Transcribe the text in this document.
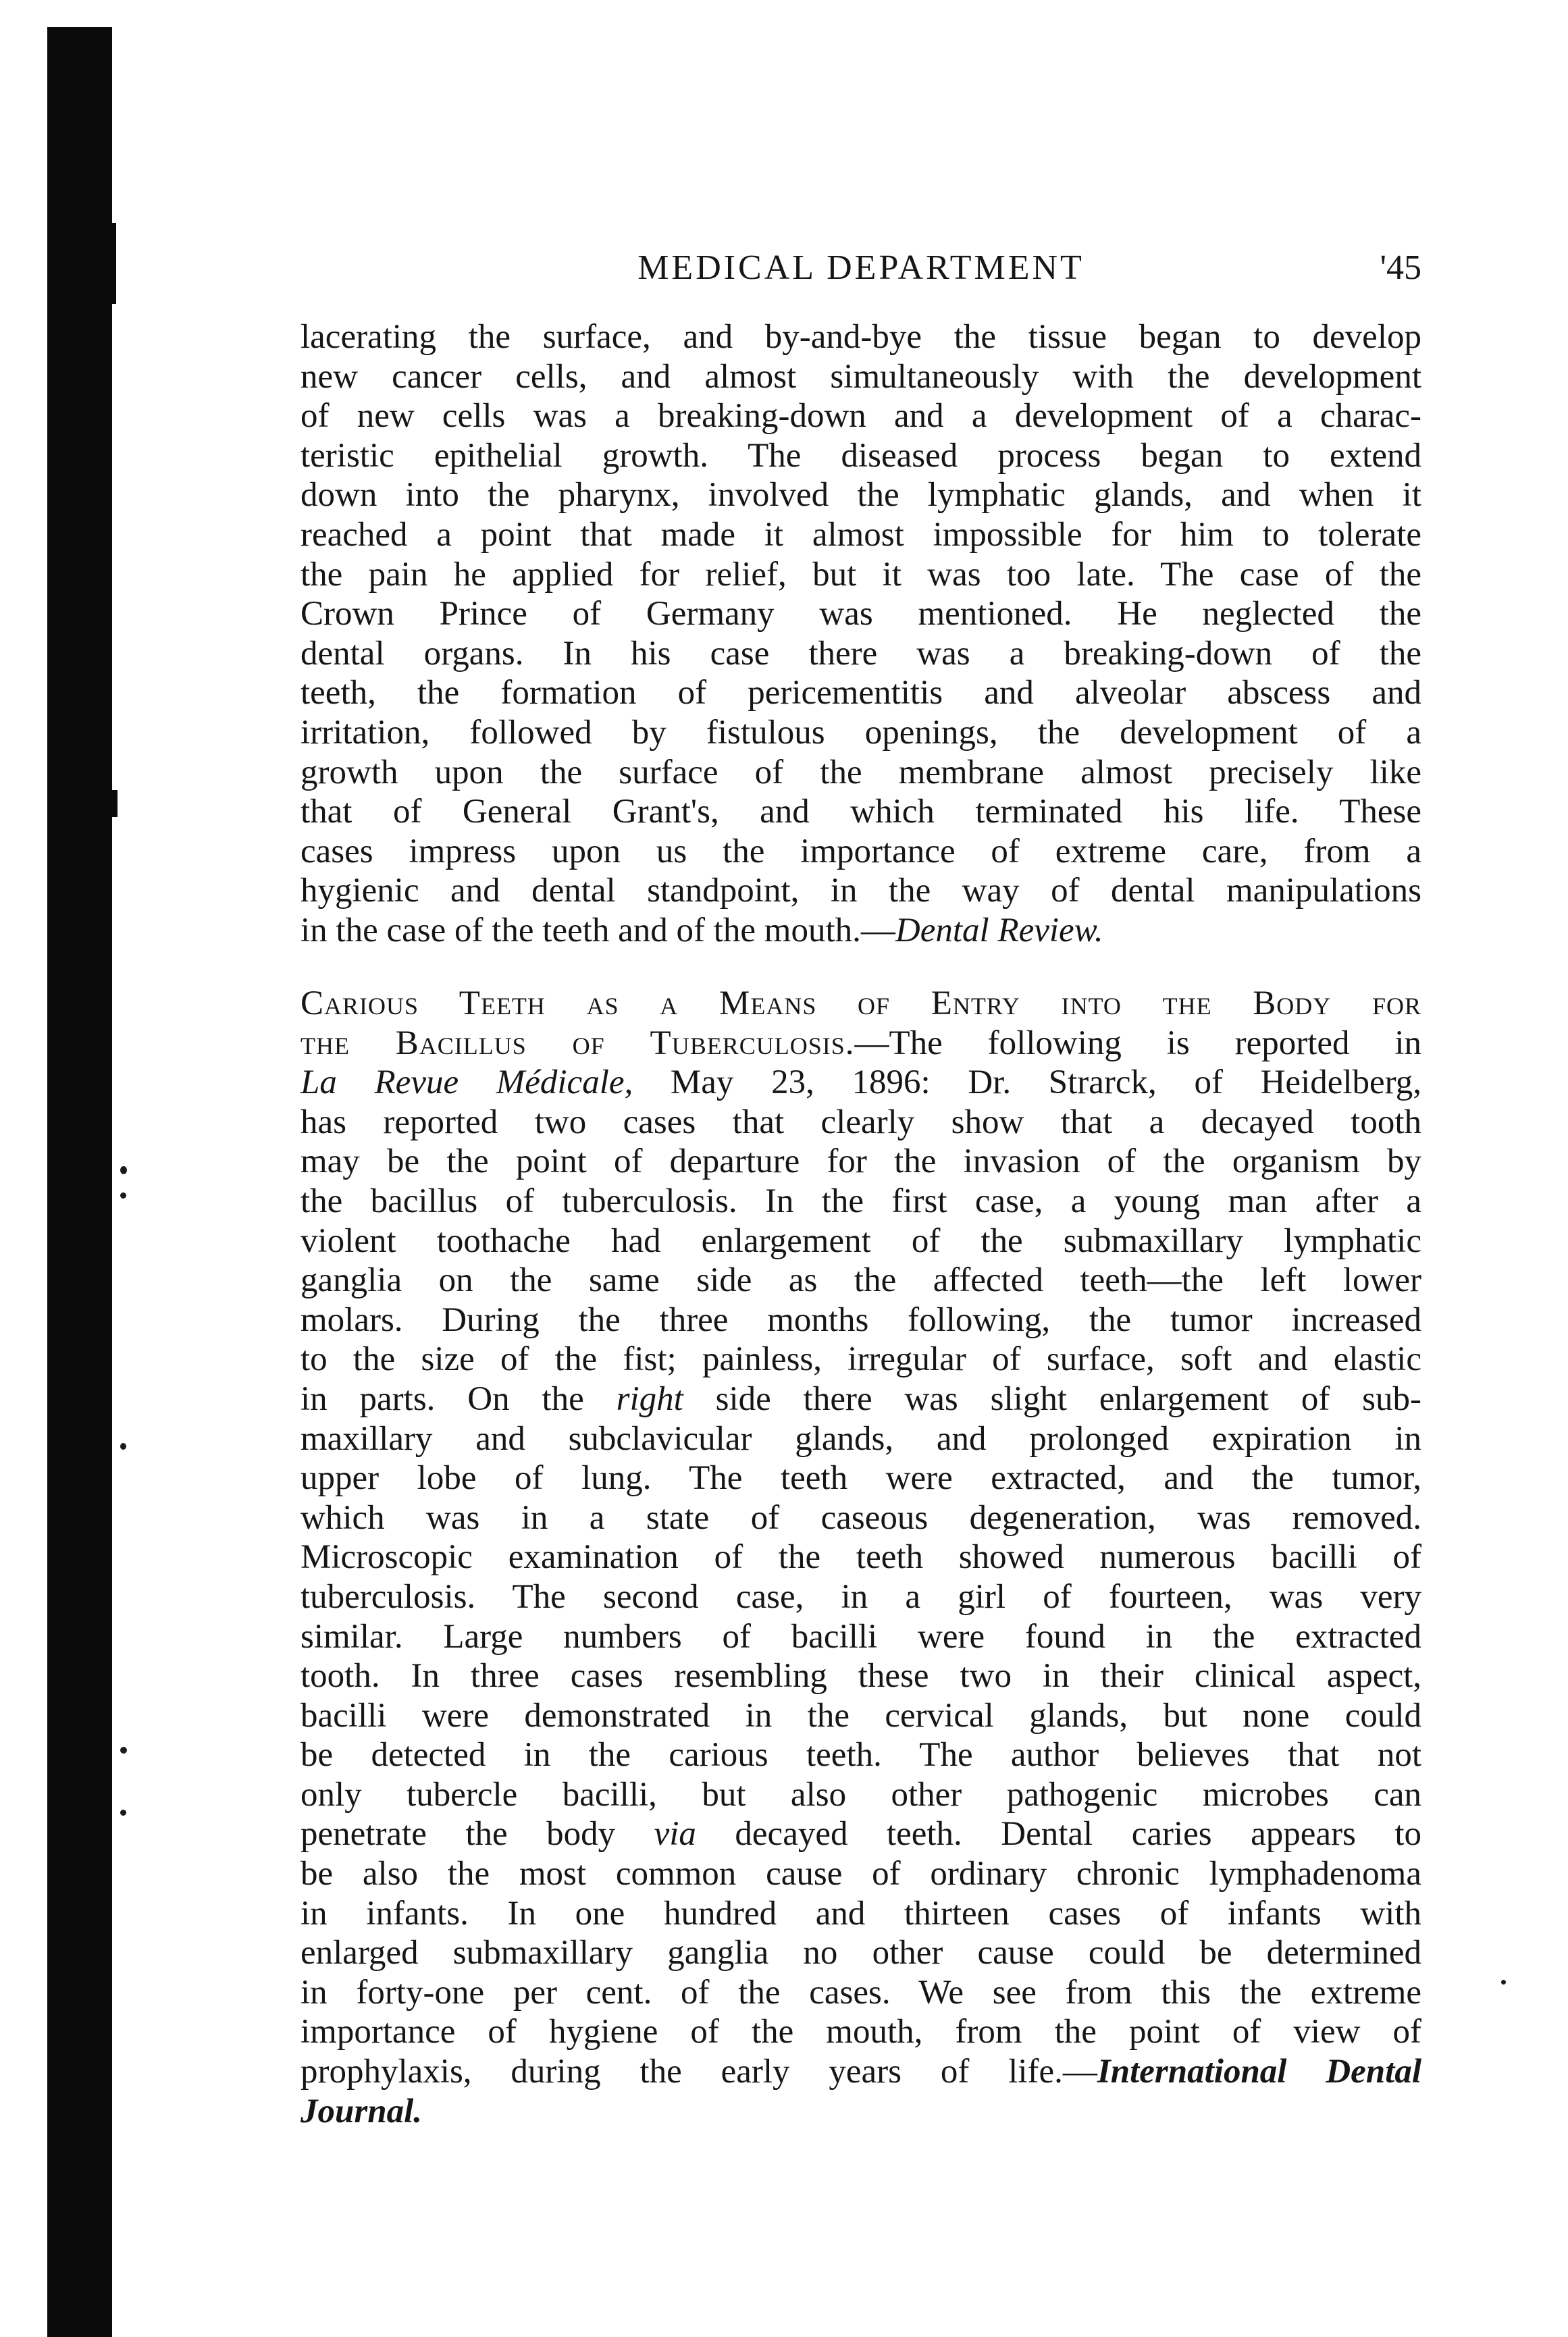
MEDICAL DEPARTMENT	'45
lacerating the surface, and by-and-bye the tissue began to develop
new cancer cells, and almost simultaneously with the development
of new cells was a breaking-down and a development of a charac-
teristic epithelial growth. The diseased process began to extend
down into the pharynx, involved the lymphatic glands, and when it
reached a point that made it almost impossible for him to tolerate
the pain he applied for relief, but it was too late. The case of the
Crown Prince of Germany was mentioned. He neglected the
dental organs. In his case there was a breaking-down of the
teeth, the formation of pericementitis and alveolar abscess and
irritation, followed by fistulous openings, the development of a
growth upon the surface of the membrane almost precisely like
that of General Grant's, and which terminated his life. These
cases impress upon us the importance of extreme care, from a
hygienic and dental standpoint, in the way of dental manipulations
in the case of the teeth and of the mouth.—Dental Review.
Carious Teeth as a Means of Entry into the Body for
the Bacillus of Tuberculosis.—The following is reported in
La Revue Médicale, May 23, 1896: Dr. Strarck, of Heidelberg,
has reported two cases that clearly show that a decayed tooth
may be the point of departure for the invasion of the organism by
the bacillus of tuberculosis. In the first case, a young man after a
violent toothache had enlargement of the submaxillary lymphatic
ganglia on the same side as the affected teeth—the left lower
molars. During the three months following, the tumor increased
to the size of the fist; painless, irregular of surface, soft and elastic
in parts. On the right side there was slight enlargement of sub-
maxillary and subclavicular glands, and prolonged expiration in
upper lobe of lung. The teeth were extracted, and the tumor,
which was in a state of caseous degeneration, was removed.
Microscopic examination of the teeth showed numerous bacilli of
tuberculosis. The second case, in a girl of fourteen, was very
similar. Large numbers of bacilli were found in the extracted
tooth. In three cases resembling these two in their clinical aspect,
bacilli were demonstrated in the cervical glands, but none could
be detected in the carious teeth. The author believes that not
only tubercle bacilli, but also other pathogenic microbes can
penetrate the body via decayed teeth. Dental caries appears to
be also the most common cause of ordinary chronic lymphadenoma
in infants. In one hundred and thirteen cases of infants with
enlarged submaxillary ganglia no other cause could be determined
in forty-one per cent. of the cases. We see from this the extreme
importance of hygiene of the mouth, from the point of view of
prophylaxis, during the early years of life.—International Dental
Journal.
